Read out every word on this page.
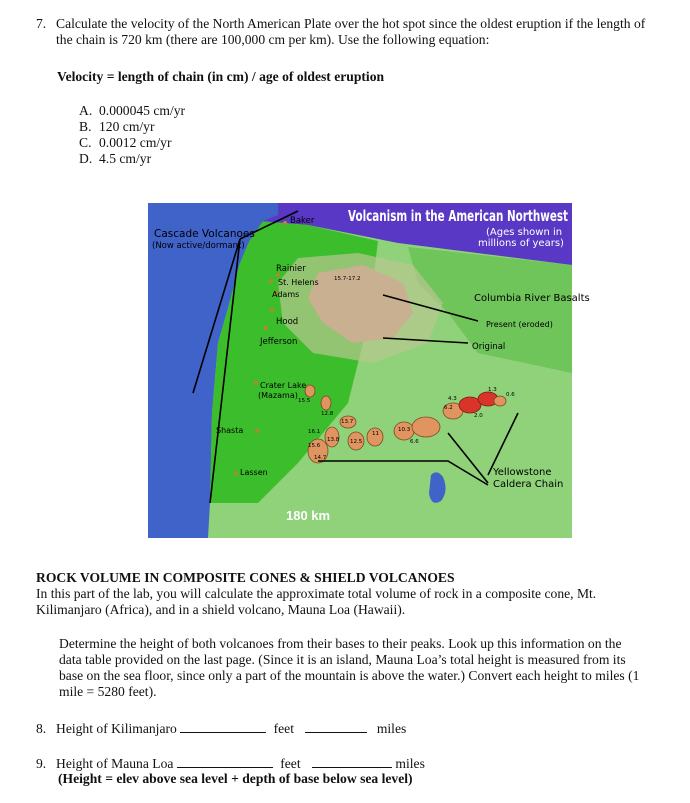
7. Calculate the velocity of the North American Plate over the hot spot since the oldest eruption if the length of
the chain is 720 km (there are 100,000 cm per km). Use the following equation:
Velocity = length of chain (in cm) / age of oldest eruption
A. 0.000045 cm/yr
B. 120 cm/yr
C. 0.0012 cm/yr
D. 4.5 cm/yr
Volcanism in the American Northwest
(Ages shown in
millions of years)
Cascade Volcanoes
(Now active/dormant)
Columbia River Basalts
Present (eroded)
Original
Yellowstone
Caldera Chain
Baker
Rainier
St. Helens
Adams
Hood
Jefferson
Crater Lake
(Mazama)
Shasta
Lassen
15.7-17.2
15.5
12.8
16.1
15.6
14.7
13.8
13.7
12.5
11
10.3
6.6
6.2
4.3
2.0
1.3
0.6
180 km
ROCK VOLUME IN COMPOSITE CONES & SHIELD VOLCANOES
In this part of the lab, you will calculate the approximate total volume of rock in a composite cone, Mt.
Kilimanjaro (Africa), and in a shield volcano, Mauna Loa (Hawaii).
Determine the height of both volcanoes from their bases to their peaks. Look up this information on the
data table provided on the last page. (Since it is an island, Mauna Loa’s total height is measured from its
base on the sea floor, since only a part of the mountain is above the water.) Convert each height to miles (1
mile = 5280 feet).
8. Height of Kilimanjaro	feet	miles
9. Height of Mauna Loa	feet	miles
(Height = elev above sea level + depth of base below sea level)
